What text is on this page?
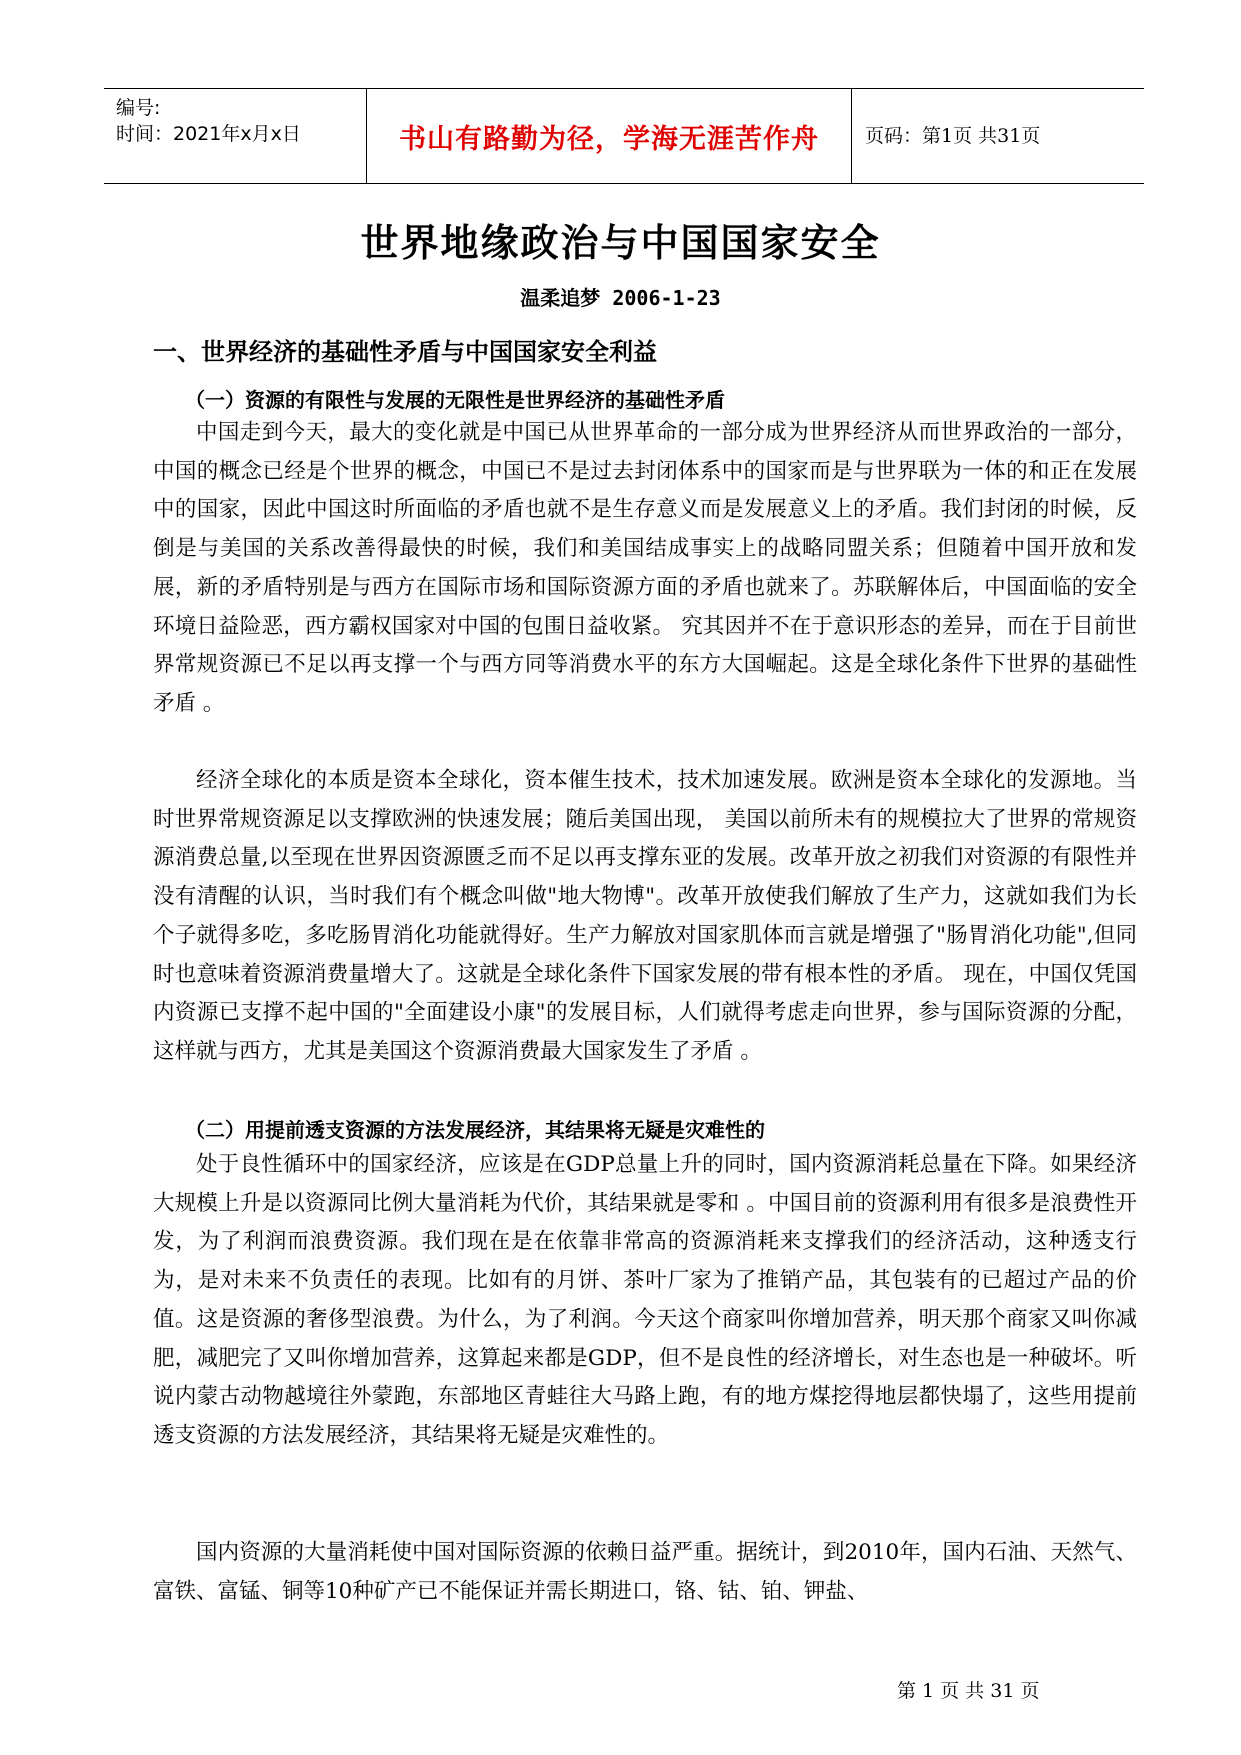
编号:
时间：2021年x月x日	书山有路勤为径，学海无涯苦作舟	页码：第1页 共31页
世界地缘政治与中国国家安全
温柔追梦 2006-1-23
一、世界经济的基础性矛盾与中国国家安全利益
（一）资源的有限性与发展的无限性是世界经济的基础性矛盾

中国走到今天，最大的变化就是中国已从世界革命的一部分成为世界经济从而世界政治的一部分，中国的概念已经是个世界的概念，中国已不是过去封闭体系中的国家而是与世界联为一体的和正在发展中的国家，因此中国这时所面临的矛盾也就不是生存意义而是发展意义上的矛盾。我们封闭的时候，反倒是与美国的关系改善得最快的时候，我们和美国结成事实上的战略同盟关系；但随着中国开放和发展，新的矛盾特别是与西方在国际市场和国际资源方面的矛盾也就来了。苏联解体后，中国面临的安全环境日益险恶，西方霸权国家对中国的包围日益收紧。 究其因并不在于意识形态的差异，而在于目前世界常规资源已不足以再支撑一个与西方同等消费水平的东方大国崛起。这是全球化条件下世界的基础性矛盾 。

经济全球化的本质是资本全球化，资本催生技术，技术加速发展。欧洲是资本全球化的发源地。当时世界常规资源足以支撑欧洲的快速发展；随后美国出现， 美国以前所未有的规模拉大了世界的常规资源消费总量,以至现在世界因资源匮乏而不足以再支撑东亚的发展。改革开放之初我们对资源的有限性并没有清醒的认识，当时我们有个概念叫做"地大物博"。改革开放使我们解放了生产力，这就如我们为长个子就得多吃，多吃肠胃消化功能就得好。生产力解放对国家肌体而言就是增强了"肠胃消化功能",但同时也意味着资源消费量增大了。这就是全球化条件下国家发展的带有根本性的矛盾。 现在，中国仅凭国内资源已支撑不起中国的"全面建设小康"的发展目标，人们就得考虑走向世界，参与国际资源的分配，这样就与西方，尤其是美国这个资源消费最大国家发生了矛盾 。

（二）用提前透支资源的方法发展经济，其结果将无疑是灾难性的

处于良性循环中的国家经济，应该是在GDP总量上升的同时，国内资源消耗总量在下降。如果经济大规模上升是以资源同比例大量消耗为代价，其结果就是零和 。中国目前的资源利用有很多是浪费性开发，为了利润而浪费资源。我们现在是在依靠非常高的资源消耗来支撑我们的经济活动，这种透支行为，是对未来不负责任的表现。比如有的月饼、茶叶厂家为了推销产品，其包装有的已超过产品的价值。这是资源的奢侈型浪费。为什么，为了利润。今天这个商家叫你增加营养，明天那个商家又叫你减肥，减肥完了又叫你增加营养，这算起来都是GDP，但不是良性的经济增长，对生态也是一种破坏。听说内蒙古动物越境往外蒙跑，东部地区青蛙往大马路上跑，有的地方煤挖得地层都快塌了，这些用提前透支资源的方法发展经济，其结果将无疑是灾难性的。

国内资源的大量消耗使中国对国际资源的依赖日益严重。据统计，到2010年，国内石油、天然气、富铁、富锰、铜等10种矿产已不能保证并需长期进口，铬、钴、铂、钾盐、

第 1 页 共 31 页
